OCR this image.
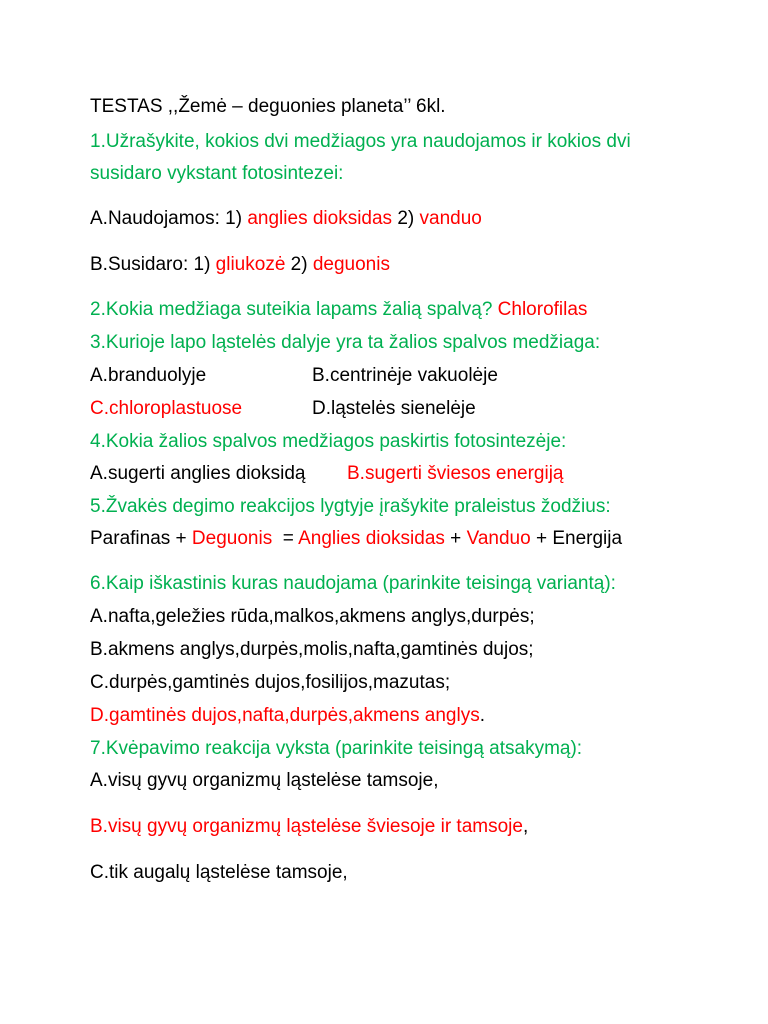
TESTAS ,,Žemė – deguonies planeta’’ 6kl.
1.Užrašykite, kokios dvi medžiagos yra naudojamos ir kokios dvi
susidaro vykstant fotosintezei:
A.Naudojamos: 1) anglies dioksidas 2) vanduo
B.Susidaro: 1) gliukozė 2) deguonis
2.Kokia medžiaga suteikia lapams žalią spalvą? Chlorofilas
3.Kurioje lapo ląstelės dalyje yra ta žalios spalvos medžiaga:
A.branduolyje	B.centrinėje vakuolėje
C.chloroplastuose	D.ląstelės sienelėje
4.Kokia žalios spalvos medžiagos paskirtis fotosintezėje:
A.sugerti anglies dioksidą B.sugerti šviesos energiją
5.Žvakės degimo reakcijos lygtyje įrašykite praleistus žodžius:
Parafinas + Deguonis  = Anglies dioksidas + Vanduo + Energija
6.Kaip iškastinis kuras naudojama (parinkite teisingą variantą):
A.nafta,geležies rūda,malkos,akmens anglys,durpės;
B.akmens anglys,durpės,molis,nafta,gamtinės dujos;
C.durpės,gamtinės dujos,fosilijos,mazutas;
D.gamtinės dujos,nafta,durpės,akmens anglys.
7.Kvėpavimo reakcija vyksta (parinkite teisingą atsakymą):
A.visų gyvų organizmų ląstelėse tamsoje,
B.visų gyvų organizmų ląstelėse šviesoje ir tamsoje,
C.tik augalų ląstelėse tamsoje,
